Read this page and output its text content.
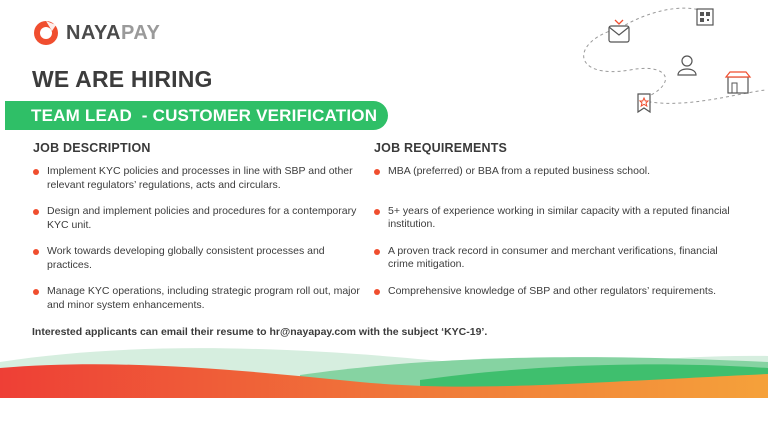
NAYAPAY
WE ARE HIRING
TEAM LEAD  - CUSTOMER VERIFICATION
JOB DESCRIPTION
Implement KYC policies and processes in line with SBP and other relevant regulators’ regulations, acts and circulars.
Design and implement policies and procedures for a contemporary KYC unit.
Work towards developing globally consistent processes and practices.
Manage KYC operations, including strategic program roll out, major and minor system enhancements.
JOB REQUIREMENTS
MBA (preferred) or BBA from a reputed business school.
5+ years of experience working in similar capacity with a reputed financial institution.
A proven track record in consumer and merchant verifications, financial crime mitigation.
Comprehensive knowledge of SBP and other regulators’ requirements.

Interested applicants can email their resume to hr@nayapay.com with the subject ‘KYC-19’.
